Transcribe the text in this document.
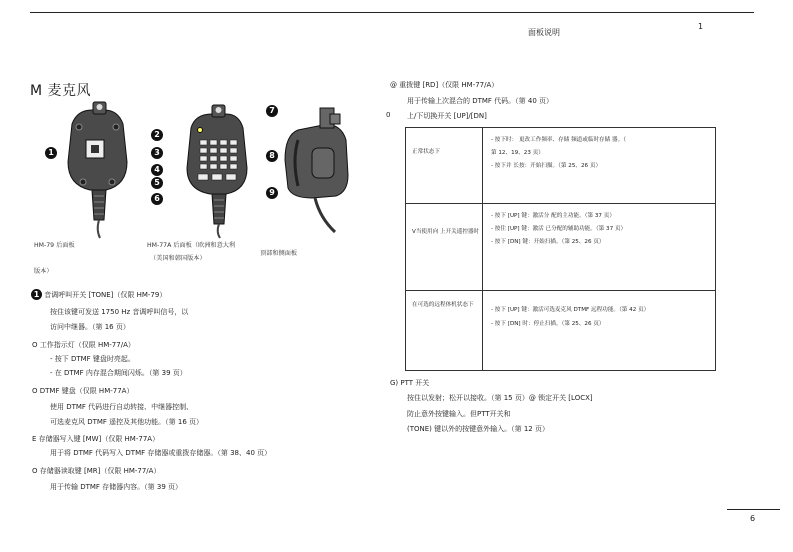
面板说明
1
M 麦克风
1
2
3
4
5
6
7
8
9
HM-79 后面板	HM-77A 后面板（欧洲和意大利
（美国和韩国版本）
版本）
顶部和侧面板
1 音调呼叫开关 [TONE]（仅限 HM-79）
按住该键可发送 1750 Hz 音调呼叫信号，以
访问中继器。（第 16 页）
O 工作指示灯（仅限 HM-77/A）
- 按下 DTMF 键盘时亮起。
- 在 DTMF 内存混合期间闪烁。（第 39 页）
O DTMF 键盘（仅限 HM-77A）
使用 DTMF 代码进行自动转接、中继器控制、
可选麦克风 DTMF 遥控及其他功能。（第 16 页）
E 存储器写入键 [MW]（仅限 HM-77A）
用于将 DTMF 代码写入 DTMF 存储器或重拨存储器。（第 38、40 页）
O 存储器读取键 [MR]（仅限 HM-77/A）
用于传输 DTMF 存储器内容。（第 39 页）
@ 重拨键 [RD]（仅限 HM-77/A）
用于传输上次混合的 DTMF 代码。（第 40 页）
0 上/下切换开关 [UP]/[DN]
正常状态下
- 按下时： 更改工作频率、存储 频道或临时存储 器。（
第 12、19、23 页）
- 按下并 长按：开始扫描。（第 25、26 页）
V当使用向 上开关遥控器时
- 按下 [UP] 键：激活分 配的主功能。（第 37 页）
- 按住 [UP] 键：激活 已分配的辅助功能。（第 37 页）
- 按下 [DN] 键：开始扫描。（第 25、26 页）
在可选的远程体机状态下
- 按下 [UP] 键：激活可选麦克风 DTMF 远程功能。（第 42 页）
- 按下 [DN] 时：停止扫描。（第 25、26 页）
G) PTT 开关
按住以发射；松开以接收。（第 15 页）@ 锁定开关 [LOCX]
防止意外按键输入。但PTT开关和
(TONE) 键以外的按键意外输入。（第 12 页）
6
